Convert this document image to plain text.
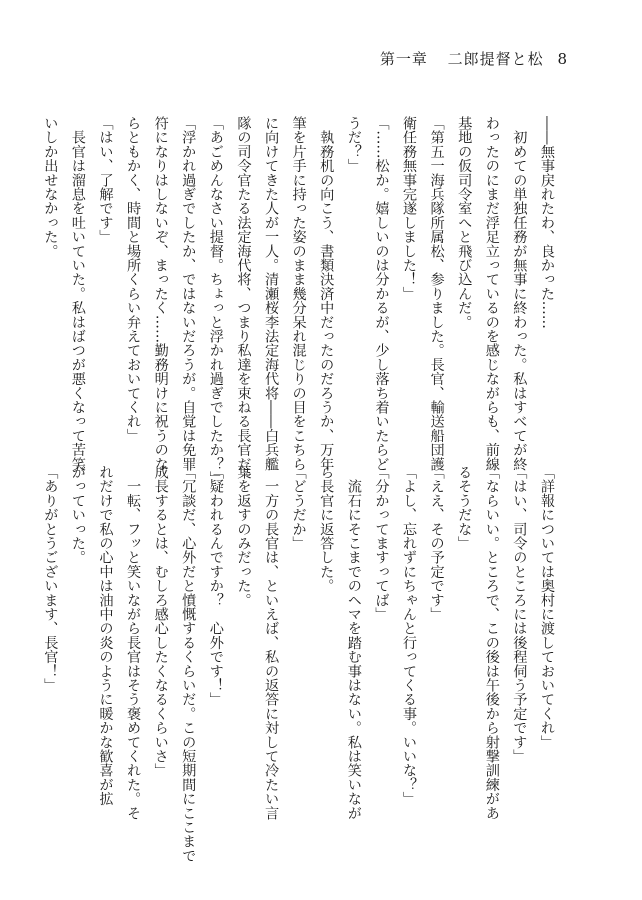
第一章 二郎提督と松 8
――無事戻れたわ、良かった……
　初めての単独任務が無事に終わった。私はすべてが終
わったのにまだ浮足立っているのを感じながらも、前線
基地の仮司令室へと飛び込んだ。
「第五一海兵隊所属松、参りました。長官、輸送船団護
衛任務無事完遂しました！」
「……松か。嬉しいのは分かるが、少し落ち着いたらど
うだ？」
　執務机の向こう、書類決済中だったのだろうか、万年
筆を片手に持った姿のまま幾分呆れ混じりの目をこちら
に向けてきた人が一人。清瀬桜李法定海代将――白兵艦
隊の司令官たる法定海代将、つまり私達を束ねる長官だ。
「あごめんなさい提督。ちょっと浮かれ過ぎでしたか？」
「浮かれ過ぎでしたか、ではないだろうが。自覚は免罪
符になりはしないぞ、まったく……勤務明けに祝うのな
らともかく、時間と場所くらい弁えておいてくれ」
「はい、了解です」
　長官は溜息を吐いていた。私はばつが悪くなって苦笑
いしか出せなかった。
「詳報については奥村に渡しておいてくれ」
「はい、司令のところには後程伺う予定です」
「ならいい。ところで、この後は午後から射撃訓練があ
るそうだな」
「ええ、その予定です」
「よし、忘れずにちゃんと行ってくる事。いいな？」
「分かってますってば」
　流石にそこまでのヘマを踏む事はない。私は笑いなが
ら長官に返答した。
「どうだか」
　一方の長官は、といえば、私の返答に対して冷たい言
葉を返すのみだった。
「疑われるんですか？　心外です！」
「冗談だ、心外だと憤慨するくらいだ。この短期間にここまで
成長するとは、むしろ感心したくなるくらいさ」
　一転、フッと笑いながら長官はそう褒めてくれた。そ
れだけで私の心中は油中の炎のように暖かな歓喜が拡
がっていった。
「ありがとうございます、長官！」
